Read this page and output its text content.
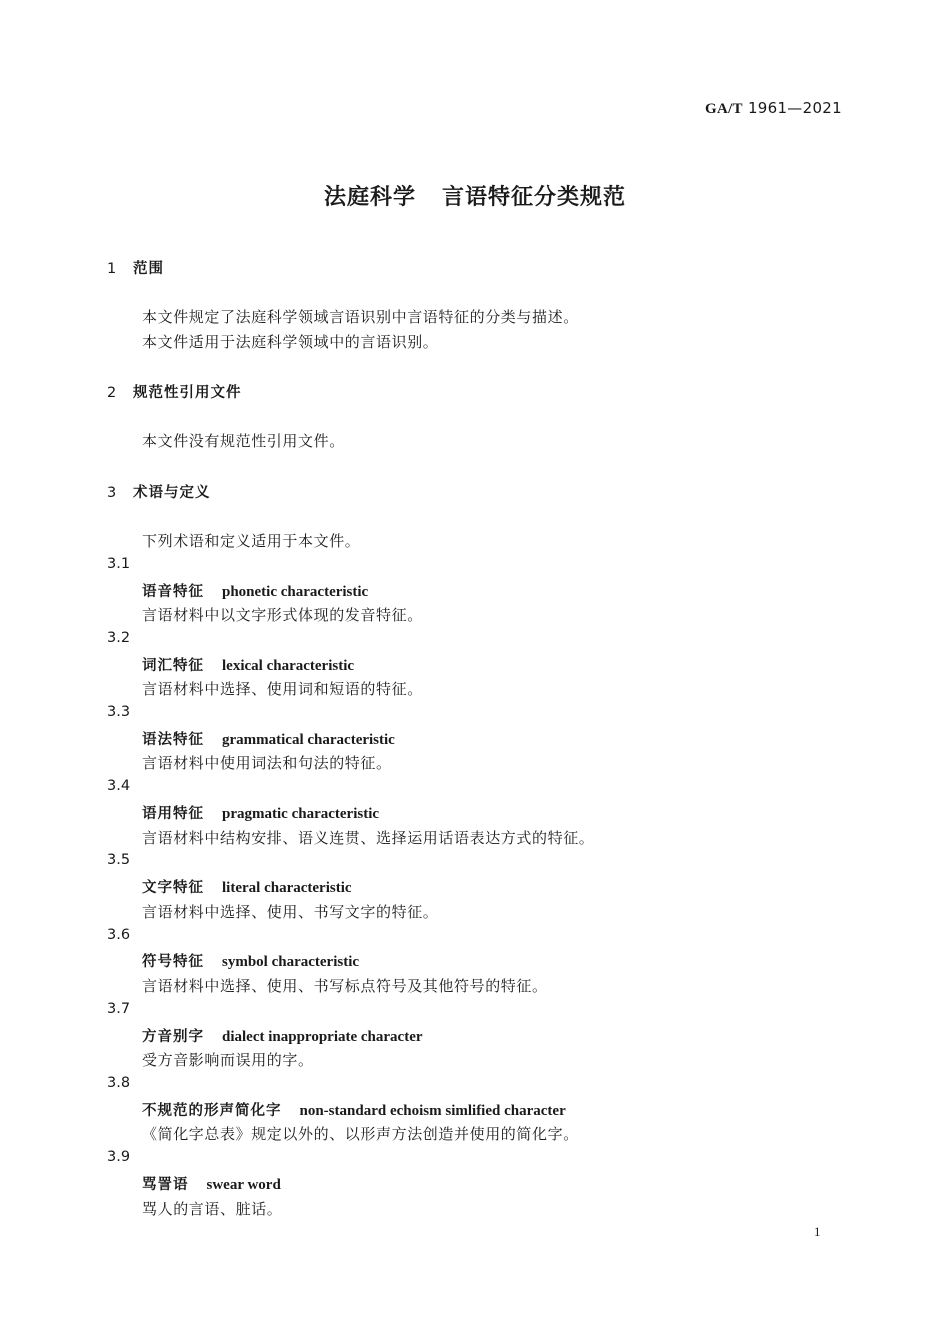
GA/T 1961—2021
法庭科学 言语特征分类规范
1 范围
本文件规定了法庭科学领域言语识别中言语特征的分类与描述。
本文件适用于法庭科学领域中的言语识别。
2 规范性引用文件
本文件没有规范性引用文件。
3 术语与定义
下列术语和定义适用于本文件。
3.1
语音特征 phonetic characteristic
言语材料中以文字形式体现的发音特征。
3.2
词汇特征 lexical characteristic
言语材料中选择、使用词和短语的特征。
3.3
语法特征 grammatical characteristic
言语材料中使用词法和句法的特征。
3.4
语用特征 pragmatic characteristic
言语材料中结构安排、语义连贯、选择运用话语表达方式的特征。
3.5
文字特征 literal characteristic
言语材料中选择、使用、书写文字的特征。
3.6
符号特征 symbol characteristic
言语材料中选择、使用、书写标点符号及其他符号的特征。
3.7
方音别字 dialect inappropriate character
受方音影响而误用的字。
3.8
不规范的形声简化字 non-standard echoism simlified character
《简化字总表》规定以外的、以形声方法创造并使用的简化字。
3.9
骂詈语 swear word
骂人的言语、脏话。
1
